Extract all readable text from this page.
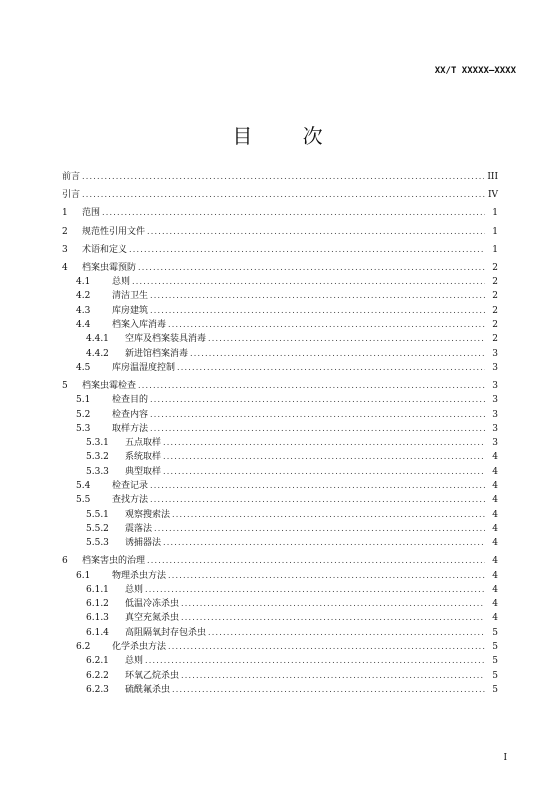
XX/T XXXXX—XXXX
目 次
前言 .....	III
引言 .....	IV
1	范围 .....	1
2	规范性引用文件 .....	1
3	术语和定义 .....	1
4	档案虫霉预防 .....	2
4.1	总则 .....	2
4.2	清洁卫生 .....	2
4.3	库房建筑 .....	2
4.4	档案入库消毒 .....	2
4.4.1	空库及档案装具消毒 .....	2
4.4.2	新进馆档案消毒 .....	3
4.5	库房温湿度控制 .....	3
5	档案虫霉检查 .....	3
5.1	检查目的 .....	3
5.2	检查内容 .....	3
5.3	取样方法 .....	3
5.3.1	五点取样 .....	3
5.3.2	系统取样 .....	4
5.3.3	典型取样 .....	4
5.4	检查记录 .....	4
5.5	查找方法 .....	4
5.5.1	观察搜索法 .....	4
5.5.2	震落法 .....	4
5.5.3	诱捕器法 .....	4
6	档案害虫的治理 .....	4
6.1	物理杀虫方法 .....	4
6.1.1	总则 .....	4
6.1.2	低温冷冻杀虫 .....	4
6.1.3	真空充氮杀虫 .....	4
6.1.4	高阻隔氧封存包杀虫 .....	5
6.2	化学杀虫方法 .....	5
6.2.1	总则 .....	5
6.2.2	环氧乙烷杀虫 .....	5
6.2.3	硫酰氟杀虫 .....	5
I
